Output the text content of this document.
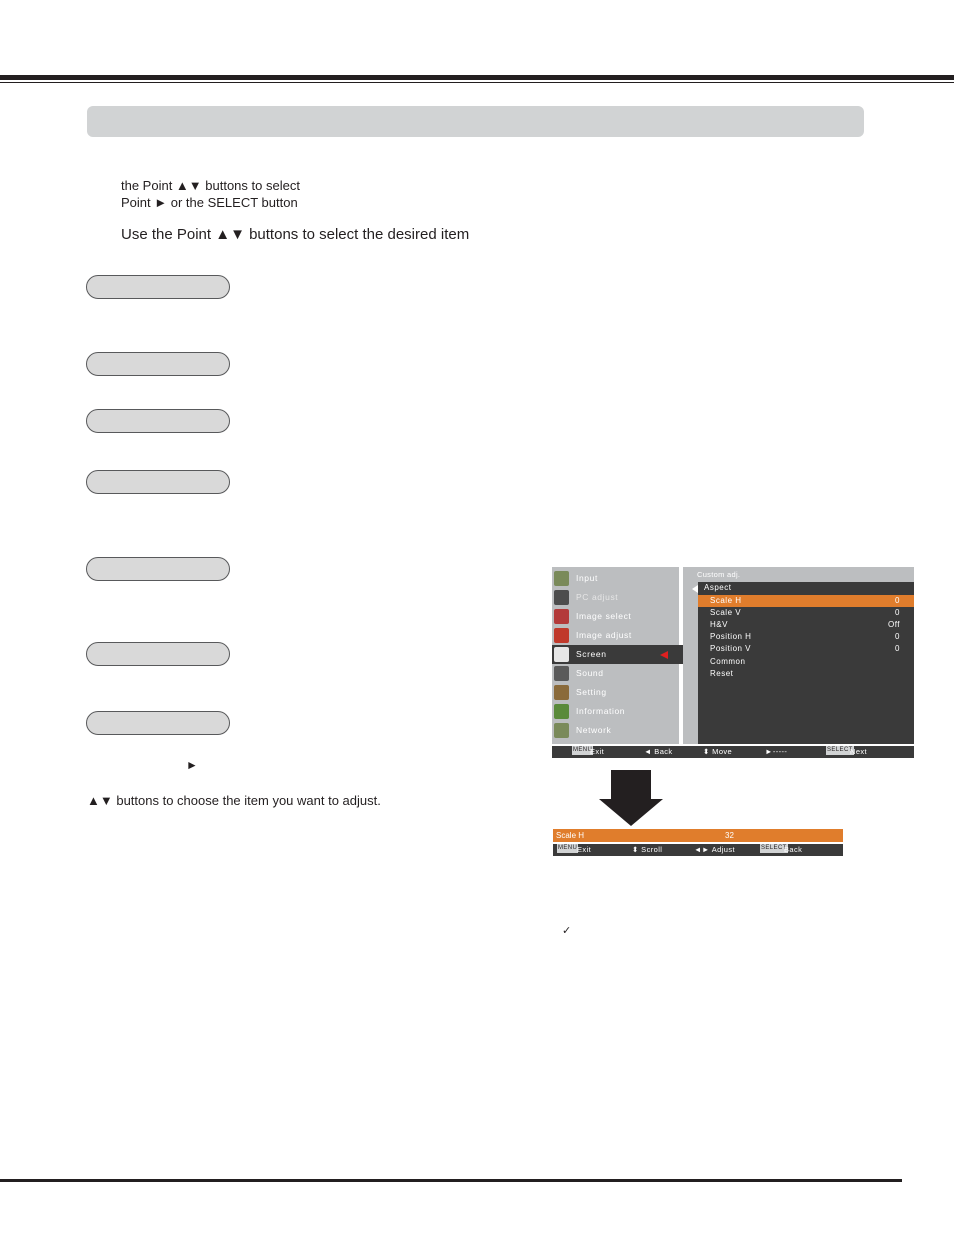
the Point ▲▼ buttons to select
Point ► or the SELECT button
Use the Point ▲▼ buttons to select the desired item
►
▲▼ buttons to choose the item you want to adjust.
Input
PC adjust
Image select
Image adjust
Screen
Sound
Setting
Information
Network
Custom adj.
Aspect
Scale H	0
Scale V	0
H&V	Off
Position H	0
Position V	0
Common
Reset
MENU
Exit	◄ Back	⬍ Move	►-----	SELECT
Next
Scale H	32
MENU Exit	⬍ Scroll	◄► Adjust	SELECT
Back
✓
